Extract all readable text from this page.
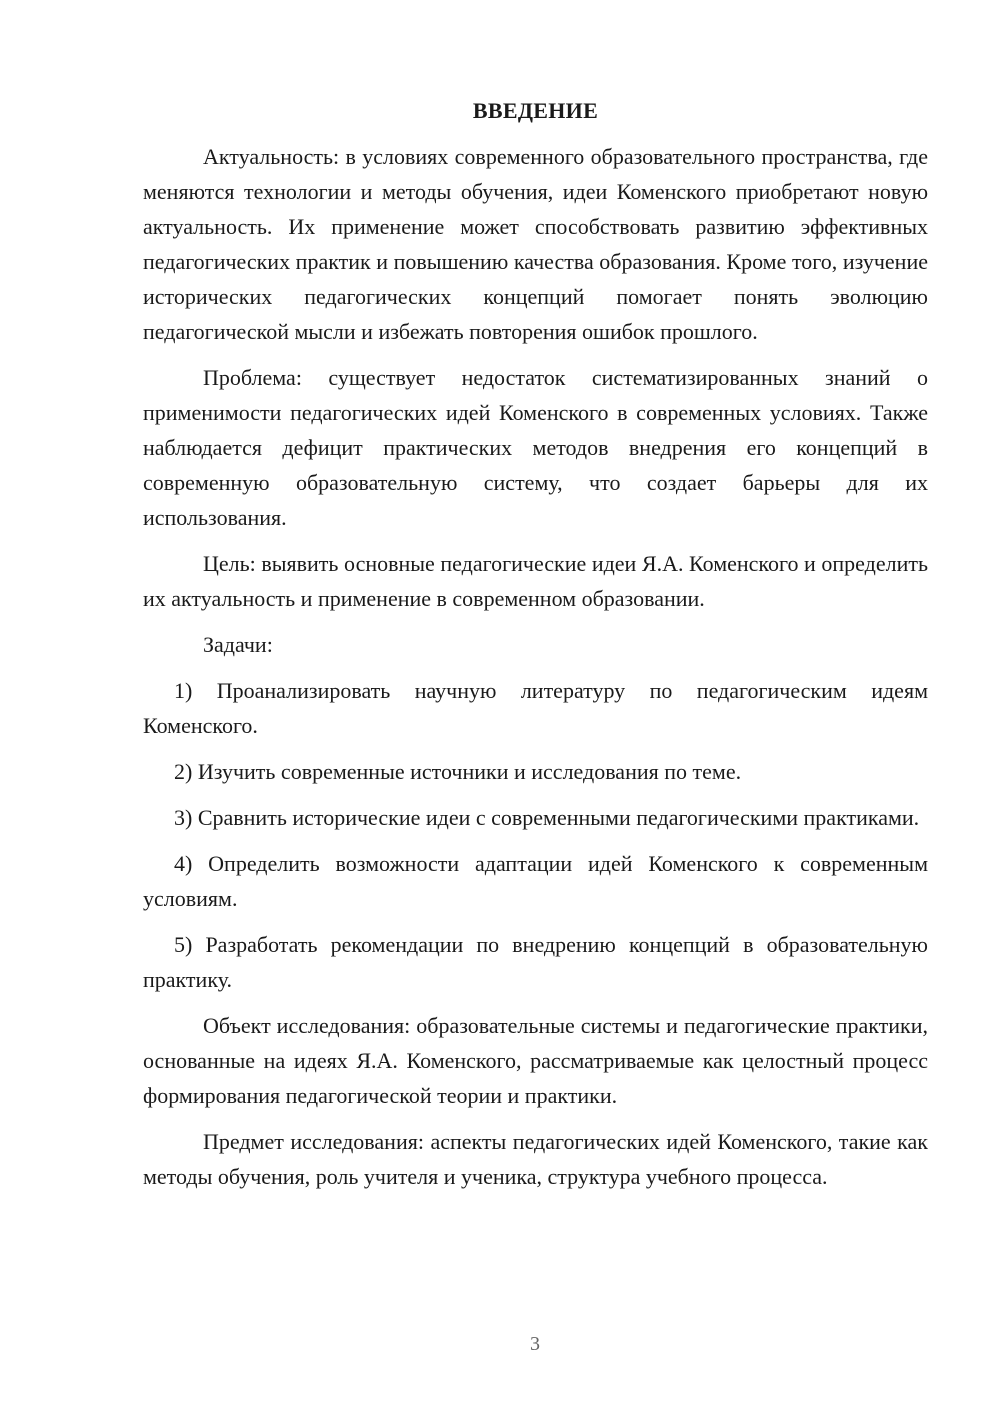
ВВЕДЕНИЕ

Актуальность: в условиях современного образовательного пространства, где меняются технологии и методы обучения, идеи Коменского приобретают новую актуальность. Их применение может способствовать развитию эффективных педагогических практик и повышению качества образования. Кроме того, изучение исторических педагогических концепций помогает понять эволюцию педагогической мысли и избежать повторения ошибок прошлого.

Проблема: существует недостаток систематизированных знаний о применимости педагогических идей Коменского в современных условиях. Также наблюдается дефицит практических методов внедрения его концепций в современную образовательную систему, что создает барьеры для их использования.

Цель: выявить основные педагогические идеи Я.А. Коменского и определить их актуальность и применение в современном образовании.

Задачи:

1) Проанализировать научную литературу по педагогическим идеям Коменского.

2) Изучить современные источники и исследования по теме.

3) Сравнить исторические идеи с современными педагогическими практиками.

4) Определить возможности адаптации идей Коменского к современным условиям.

5) Разработать рекомендации по внедрению концепций в образовательную практику.

Объект исследования: образовательные системы и педагогические практики, основанные на идеях Я.А. Коменского, рассматриваемые как целостный процесс формирования педагогической теории и практики.

Предмет исследования: аспекты педагогических идей Коменского, такие как методы обучения, роль учителя и ученика, структура учебного процесса.

3
